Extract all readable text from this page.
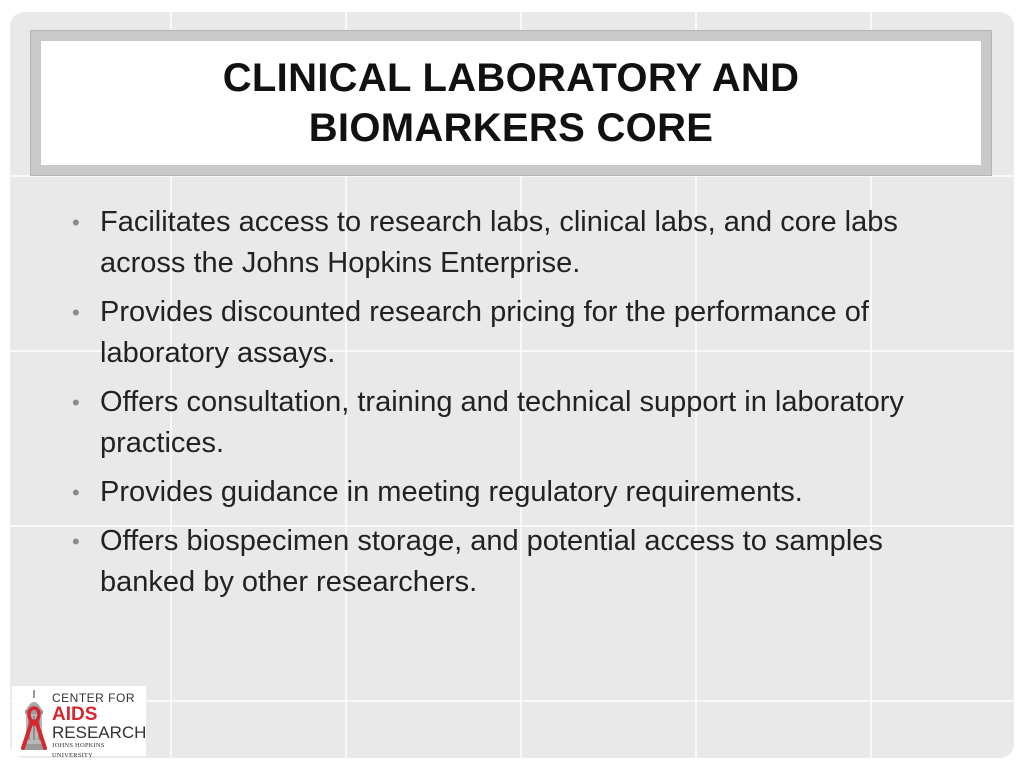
CLINICAL LABORATORY AND
BIOMARKERS CORE
• Facilitates access to research labs, clinical labs, and core labs across the Johns Hopkins Enterprise.
• Provides discounted research pricing for the performance of laboratory assays.
• Offers consultation, training and technical support in laboratory practices.
• Provides guidance in meeting regulatory requirements.
• Offers biospecimen storage, and potential access to samples banked by other researchers.
CENTER FOR
AIDS
RESEARCH
JOHNS HOPKINS UNIVERSITY
